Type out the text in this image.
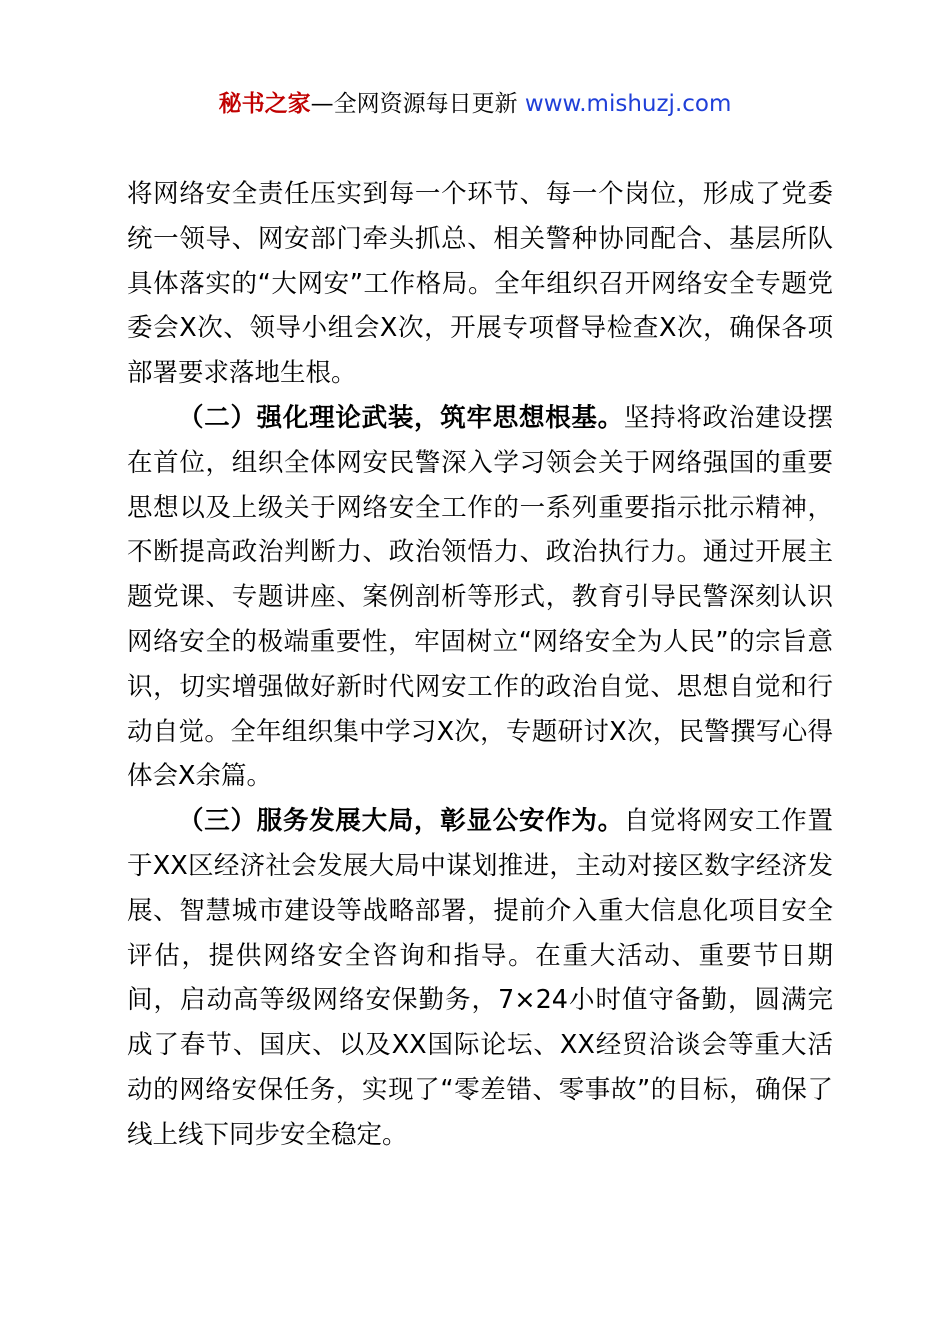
秘书之家—全网资源每日更新 www.mishuzj.com

将网络安全责任压实到每一个环节、每一个岗位，形成了党委统一领导、网安部门牵头抓总、相关警种协同配合、基层所队具体落实的“大网安”工作格局。全年组织召开网络安全专题党委会X次、领导小组会X次，开展专项督导检查X次，确保各项部署要求落地生根。

（二）强化理论武装，筑牢思想根基。坚持将政治建设摆在首位，组织全体网安民警深入学习领会关于网络强国的重要思想以及上级关于网络安全工作的一系列重要指示批示精神，不断提高政治判断力、政治领悟力、政治执行力。通过开展主题党课、专题讲座、案例剖析等形式，教育引导民警深刻认识网络安全的极端重要性，牢固树立“网络安全为人民”的宗旨意识，切实增强做好新时代网安工作的政治自觉、思想自觉和行动自觉。全年组织集中学习X次，专题研讨X次，民警撰写心得体会X余篇。

（三）服务发展大局，彰显公安作为。自觉将网安工作置于XX区经济社会发展大局中谋划推进，主动对接区数字经济发展、智慧城市建设等战略部署，提前介入重大信息化项目安全评估，提供网络安全咨询和指导。在重大活动、重要节日期间，启动高等级网络安保勤务，7×24小时值守备勤，圆满完成了春节、国庆、以及XX国际论坛、XX经贸洽谈会等重大活动的网络安保任务，实现了“零差错、零事故”的目标，确保了线上线下同步安全稳定。
